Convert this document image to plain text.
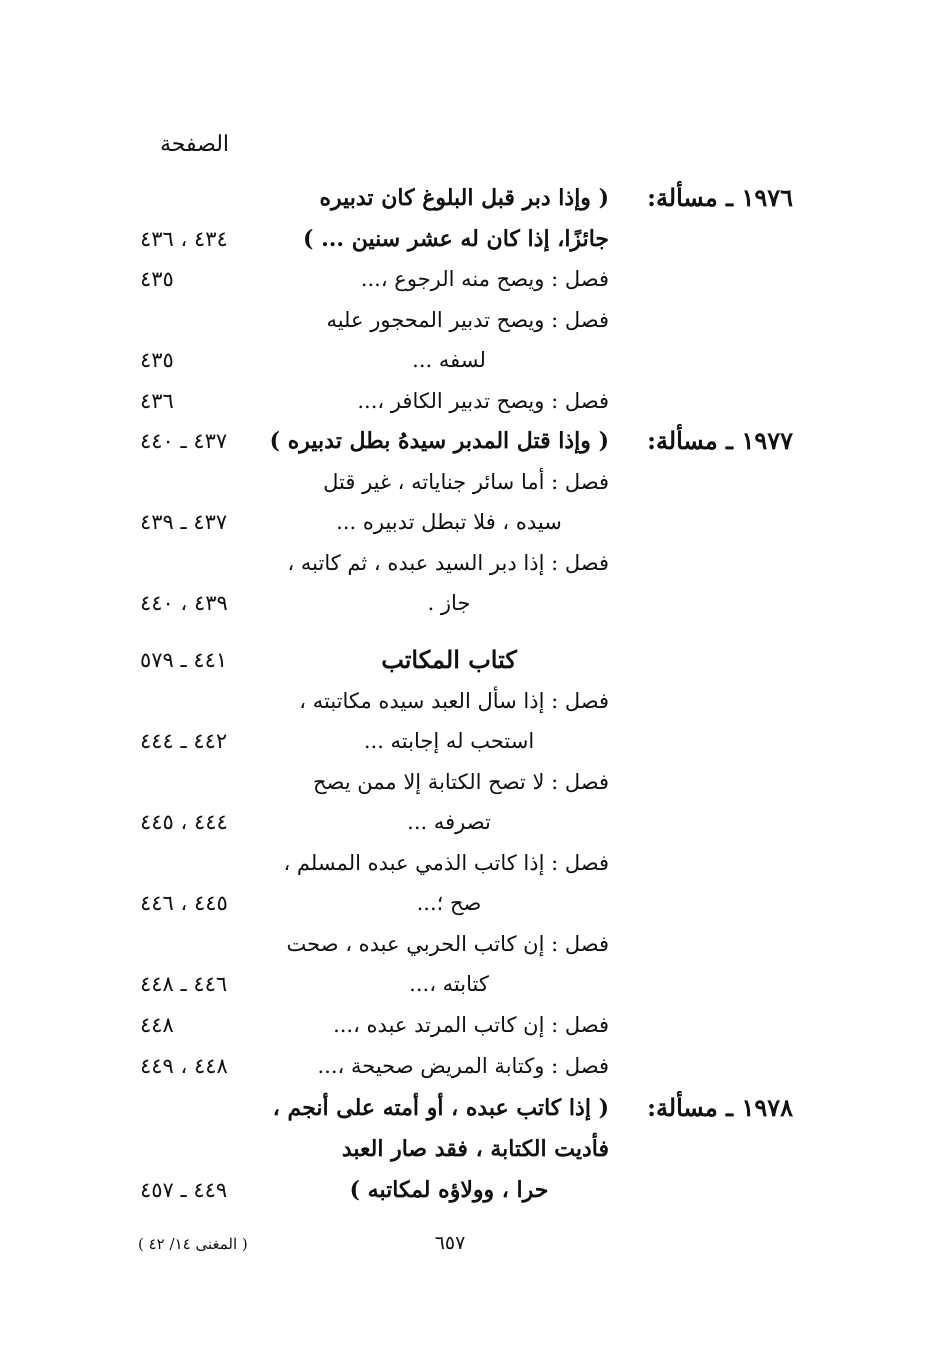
الصفحة
١٩٧٦ ـ مسألة:
( وإذا دبر قبل البلوغ كان تدبيره
جائزًا، إذا كان له عشر سنين ... )
٤٣٤ ، ٤٣٦
فصل : ويصح منه الرجوع ،...
٤٣٥
فصل : ويصح تدبير المحجور عليه
لسفه ...
٤٣٥
فصل : ويصح تدبير الكافر ،...
٤٣٦
١٩٧٧ ـ مسألة:
( وإذا قتل المدبر سيدهُ بطل تدبيره )
٤٣٧ ـ ٤٤٠
فصل : أما سائر جناياته ، غير قتل
سيده ، فلا تبطل تدبيره ...
٤٣٧ ـ ٤٣٩
فصل : إذا دبر السيد عبده ، ثم كاتبه ،
جاز .
٤٣٩ ، ٤٤٠
كتاب المكاتب
٤٤١ ـ ٥٧٩
فصل : إذا سأل العبد سيده مكاتبته ،
استحب له إجابته ...
٤٤٢ ـ ٤٤٤
فصل : لا تصح الكتابة إلا ممن يصح
تصرفه ...
٤٤٤ ، ٤٤٥
فصل : إذا كاتب الذمي عبده المسلم ،
صح ؛...
٤٤٥ ، ٤٤٦
فصل : إن كاتب الحربي عبده ، صحت
كتابته ،...
٤٤٦ ـ ٤٤٨
فصل : إن كاتب المرتد عبده ،...
٤٤٨
فصل : وكتابة المريض صحيحة ،...
٤٤٨ ، ٤٤٩
١٩٧٨ ـ مسألة:
( إذا كاتب عبده ، أو أمته على أنجم ،
فأديت الكتابة ، فقد صار العبد
حرا ، وولاؤه لمكاتبه )
٤٤٩ ـ ٤٥٧
٦٥٧
( المغنى ١٤/ ٤٢ )
